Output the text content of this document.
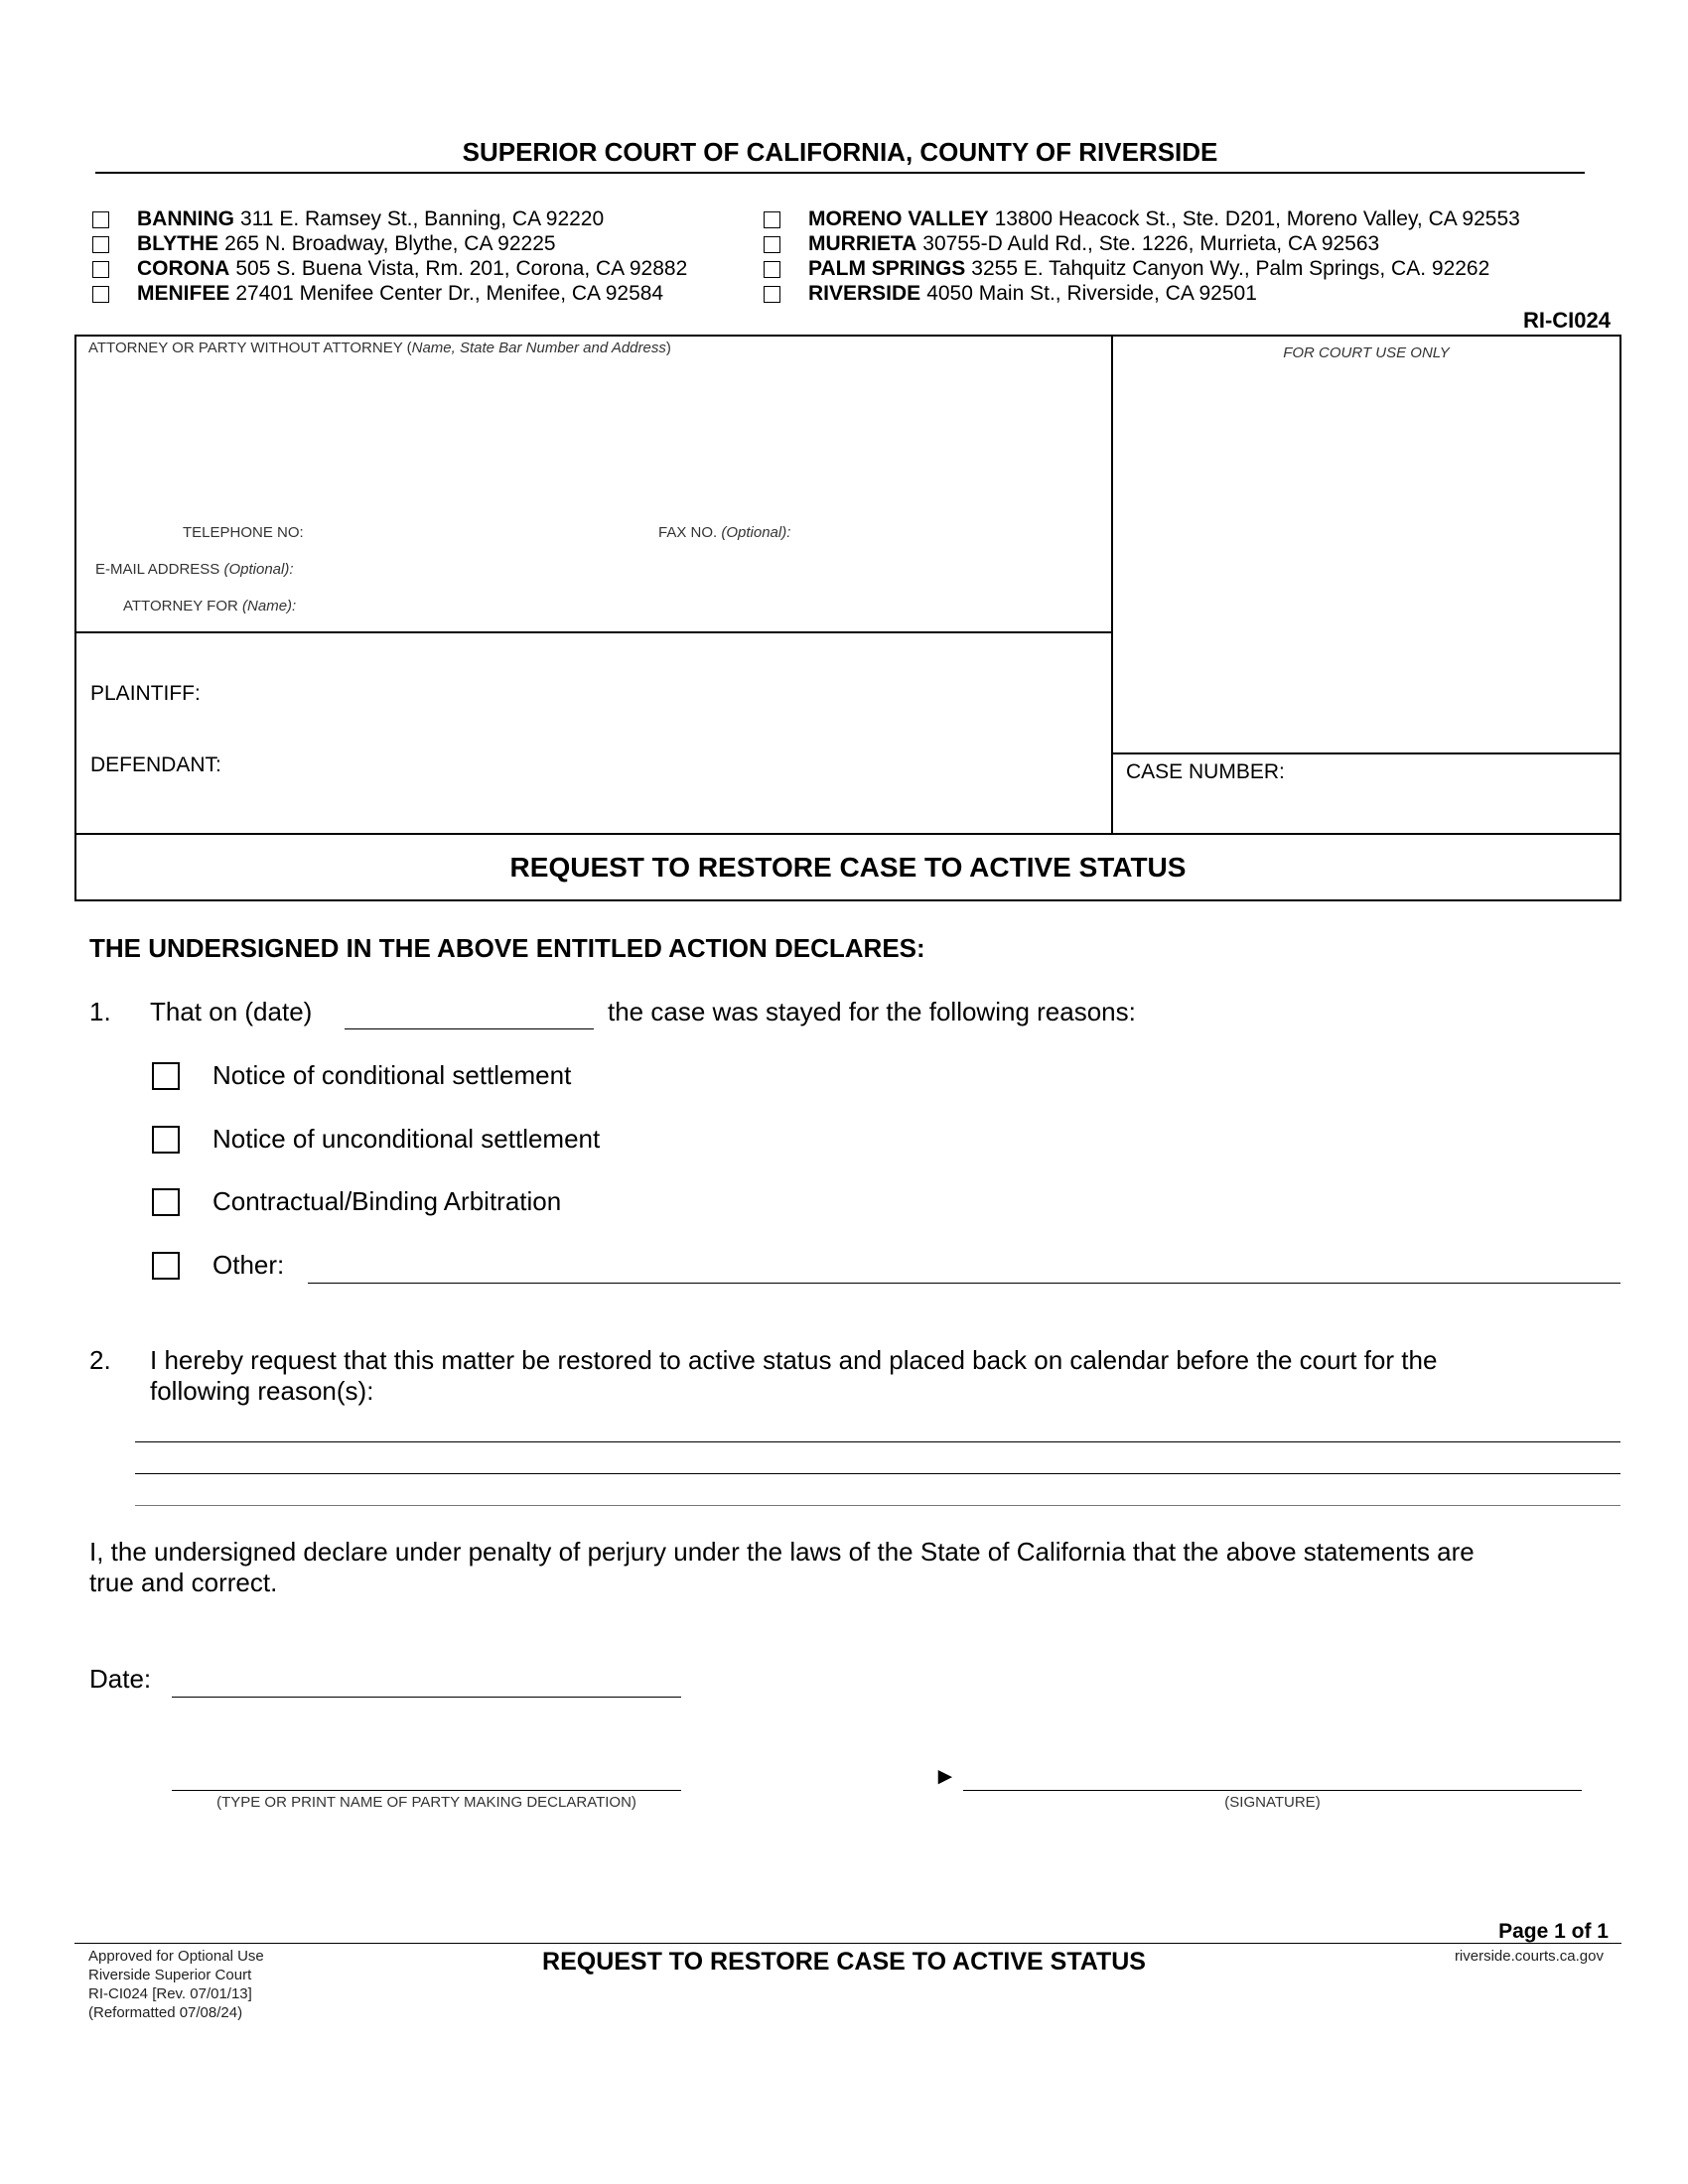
SUPERIOR COURT OF CALIFORNIA, COUNTY OF RIVERSIDE
BANNING 311 E. Ramsey St., Banning, CA 92220
BLYTHE 265 N. Broadway, Blythe, CA 92225
CORONA 505 S. Buena Vista, Rm. 201, Corona, CA 92882
MENIFEE 27401 Menifee Center Dr., Menifee, CA 92584
MORENO VALLEY 13800 Heacock St., Ste. D201, Moreno Valley, CA 92553
MURRIETA 30755-D Auld Rd., Ste. 1226, Murrieta, CA 92563
PALM SPRINGS 3255 E. Tahquitz Canyon Wy., Palm Springs, CA. 92262
RIVERSIDE 4050 Main St., Riverside, CA 92501
RI-CI024
ATTORNEY OR PARTY WITHOUT ATTORNEY (Name, State Bar Number and Address)
TELEPHONE NO:	FAX NO. (Optional):
E-MAIL ADDRESS (Optional):
ATTORNEY FOR (Name):
FOR COURT USE ONLY
PLAINTIFF:
DEFENDANT:	CASE NUMBER:
REQUEST TO RESTORE CASE TO ACTIVE STATUS
THE UNDERSIGNED IN THE ABOVE ENTITLED ACTION DECLARES:
1. That on (date)	the case was stayed for the following reasons:
Notice of conditional settlement
Notice of unconditional settlement
Contractual/Binding Arbitration
Other:
2. I hereby request that this matter be restored to active status and placed back on calendar before the court for the
following reason(s):
I, the undersigned declare under penalty of perjury under the laws of the State of California that the above statements are
true and correct.
Date:
(TYPE OR PRINT NAME OF PARTY MAKING DECLARATION)
►
(SIGNATURE)
Page 1 of 1
Approved for Optional Use
Riverside Superior Court
RI-CI024 [Rev. 07/01/13]
(Reformatted 07/08/24)
REQUEST TO RESTORE CASE TO ACTIVE STATUS	riverside.courts.ca.gov
